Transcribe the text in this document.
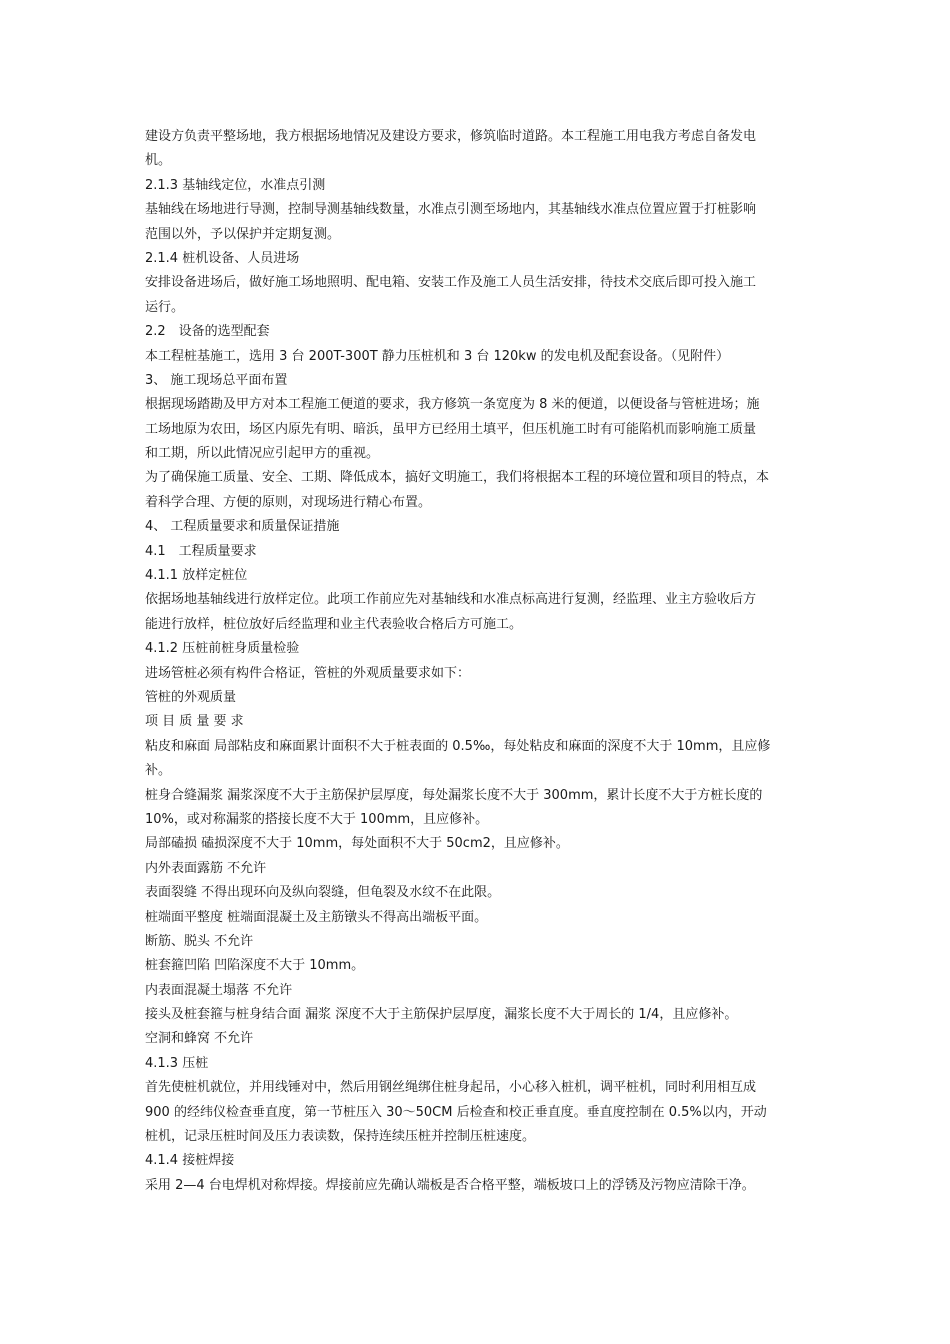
建设方负责平整场地，我方根据场地情况及建设方要求，修筑临时道路。本工程施工用电我方考虑自备发电
机。
2.1.3 基轴线定位，水准点引测
基轴线在场地进行导测，控制导测基轴线数量，水准点引测至场地内，其基轴线水准点位置应置于打桩影响
范围以外，予以保护并定期复测。
2.1.4 桩机设备、人员进场
安排设备进场后，做好施工场地照明、配电箱、安装工作及施工人员生活安排，待技术交底后即可投入施工
运行。
2.2　设备的选型配套
本工程桩基施工，选用 3 台 200T-300T 静力压桩机和 3 台 120kw 的发电机及配套设备。（见附件）
3、 施工现场总平面布置
根据现场踏勘及甲方对本工程施工便道的要求，我方修筑一条宽度为 8 米的便道，以便设备与管桩进场；施
工场地原为农田，场区内原先有明、暗浜，虽甲方已经用土填平，但压机施工时有可能陷机而影响施工质量
和工期，所以此情况应引起甲方的重视。
为了确保施工质量、安全、工期、降低成本，搞好文明施工，我们将根据本工程的环境位置和项目的特点，本
着科学合理、方便的原则，对现场进行精心布置。
4、 工程质量要求和质量保证措施
4.1　工程质量要求
4.1.1 放样定桩位
依据场地基轴线进行放样定位。此项工作前应先对基轴线和水准点标高进行复测，经监理、业主方验收后方
能进行放样，桩位放好后经监理和业主代表验收合格后方可施工。
4.1.2 压桩前桩身质量检验
进场管桩必须有构件合格证，管桩的外观质量要求如下：
管桩的外观质量
项 目 质 量 要 求
粘皮和麻面 局部粘皮和麻面累计面积不大于桩表面的 0.5‰，每处粘皮和麻面的深度不大于 10mm，且应修
补。
桩身合缝漏浆 漏浆深度不大于主筋保护层厚度，每处漏浆长度不大于 300mm，累计长度不大于方桩长度的
10%，或对称漏浆的搭接长度不大于 100mm，且应修补。
局部磕损 磕损深度不大于 10mm，每处面积不大于 50cm2，且应修补。
内外表面露筋 不允许
表面裂缝 不得出现环向及纵向裂缝，但龟裂及水纹不在此限。
桩端面平整度 桩端面混凝土及主筋镦头不得高出端板平面。
断筋、脱头 不允许
桩套箍凹陷 凹陷深度不大于 10mm。
内表面混凝土塌落 不允许
接头及桩套箍与桩身结合面 漏浆 深度不大于主筋保护层厚度，漏浆长度不大于周长的 1/4，且应修补。
空洞和蜂窝 不允许
4.1.3 压桩
首先使桩机就位，并用线锤对中，然后用钢丝绳绑住桩身起吊，小心移入桩机，调平桩机，同时利用相互成
900 的经纬仪检查垂直度，第一节桩压入 30～50CM 后检查和校正垂直度。垂直度控制在 0.5%以内，开动
桩机，记录压桩时间及压力表读数，保持连续压桩并控制压桩速度。
4.1.4 接桩焊接
采用 2—4 台电焊机对称焊接。焊接前应先确认端板是否合格平整，端板坡口上的浮锈及污物应清除干净。
